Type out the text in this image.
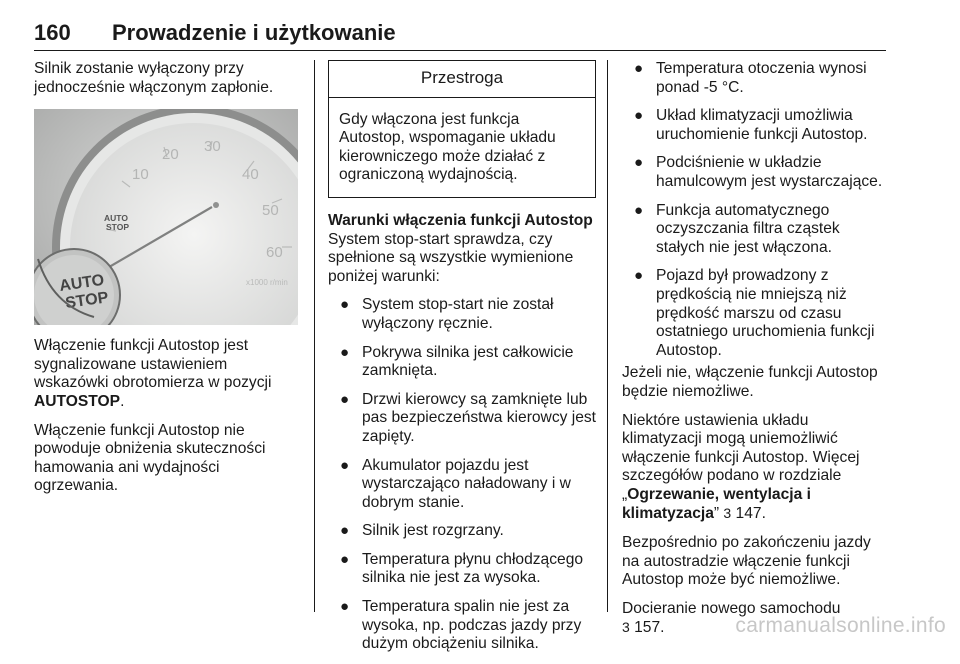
160 Prowadzenie i użytkowanie

Silnik zostanie wyłączony przy jednocześnie włączonym zapłonie.

10
20 30
40
50
60
x1000 r/min
AUTO
STOP
AUTO
STOP

Włączenie funkcji Autostop jest sygnalizowane ustawieniem wskazówki obrotomierza w pozycji AUTOSTOP.

Włączenie funkcji Autostop nie powoduje obniżenia skuteczności hamowania ani wydajności ogrzewania.

Przestroga
Gdy włączona jest funkcja Autostop, wspomaganie układu kierowniczego może działać z ograniczoną wydajnością.

Warunki włączenia funkcji Autostop

System stop-start sprawdza, czy spełnione są wszystkie wymienione poniżej warunki:

● System stop-start nie został wyłączony ręcznie.
● Pokrywa silnika jest całkowicie zamknięta.
● Drzwi kierowcy są zamknięte lub pas bezpieczeństwa kierowcy jest zapięty.
● Akumulator pojazdu jest wystarczająco naładowany i w dobrym stanie.
● Silnik jest rozgrzany.
● Temperatura płynu chłodzącego silnika nie jest za wysoka.
● Temperatura spalin nie jest za wysoka, np. podczas jazdy przy dużym obciążeniu silnika.
● Temperatura otoczenia wynosi ponad -5 °C.
● Układ klimatyzacji umożliwia uruchomienie funkcji Autostop.
● Podciśnienie w układzie hamulcowym jest wystarczające.
● Funkcja automatycznego oczyszczania filtra cząstek stałych nie jest włączona.
● Pojazd był prowadzony z prędkością nie mniejszą niż prędkość marszu od czasu ostatniego uruchomienia funkcji Autostop.

Jeżeli nie, włączenie funkcji Autostop będzie niemożliwe.

Niektóre ustawienia układu klimatyzacji mogą uniemożliwić włączenie funkcji Autostop. Więcej szczegółów podano w rozdziale „Ogrzewanie, wentylacja i klimatyzacja” 3 147.

Bezpośrednio po zakończeniu jazdy na autostradzie włączenie funkcji Autostop może być niemożliwe.

Docieranie nowego samochodu
3 157.	carmanualsonline.info
